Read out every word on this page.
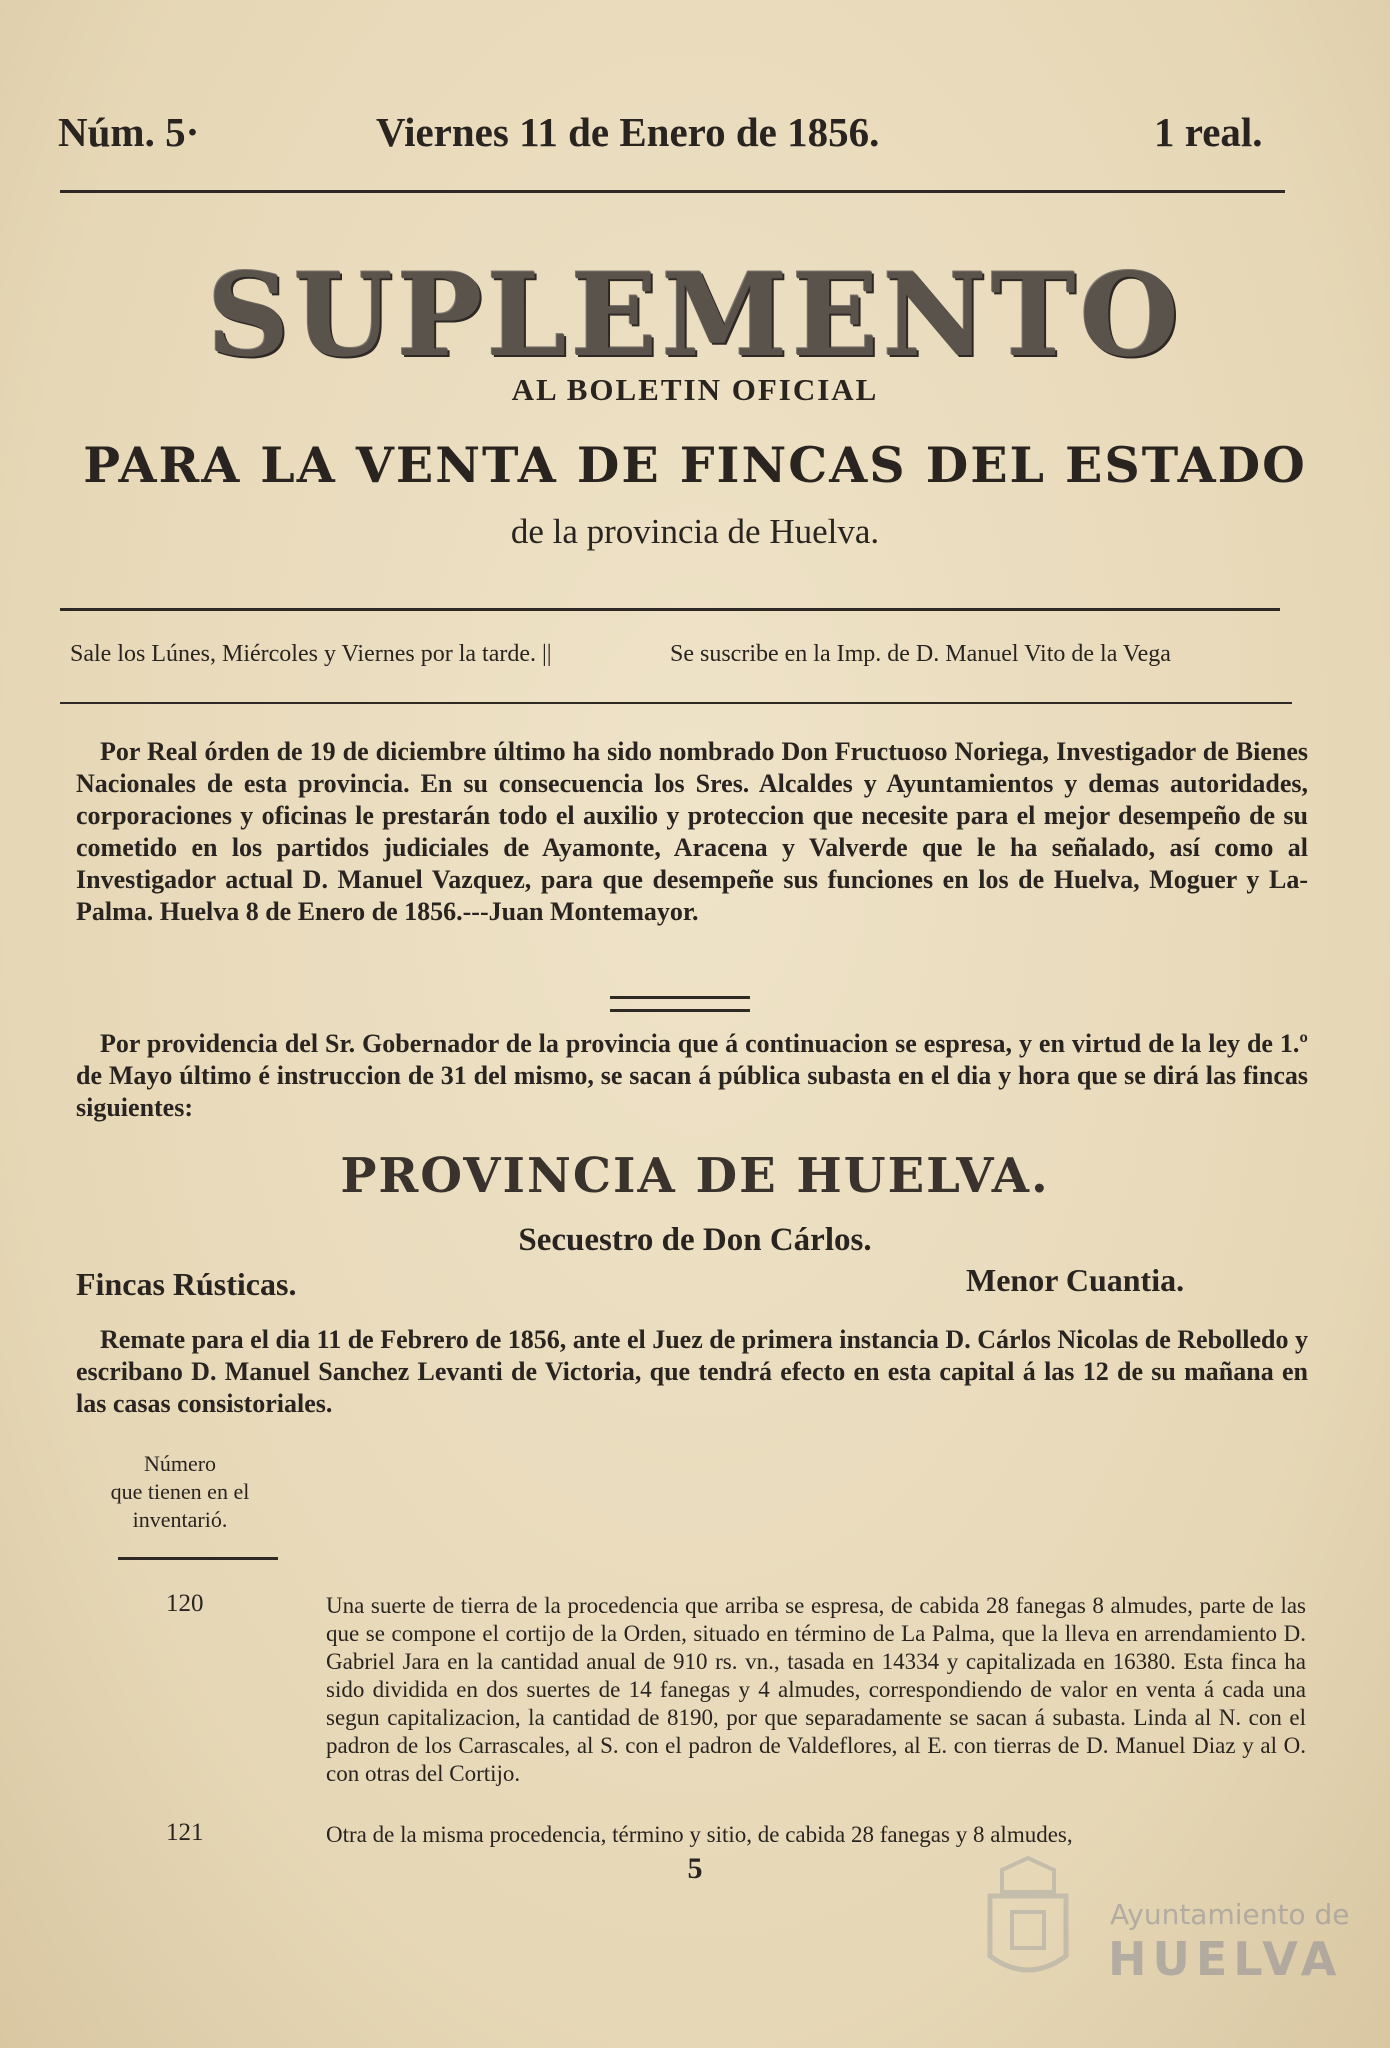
Núm. 5·	Viernes 11 de Enero de 1856.	1 real.
SUPLEMENTO
AL BOLETIN OFICIAL
PARA LA VENTA DE FINCAS DEL ESTADO
de la provincia de Huelva.
Sale los Lúnes, Miércoles y Viernes por la tarde. ||	Se suscribe en la Imp. de D. Manuel Vito de la Vega

Por Real órden de 19 de diciembre último ha sido nombrado Don Fructuoso Noriega, Investigador de Bienes Nacionales de esta provincia. En su consecuencia los Sres. Alcaldes y Ayuntamientos y demas autoridades, corporaciones y oficinas le prestarán todo el auxilio y proteccion que necesite para el mejor desempeño de su cometido en los partidos judiciales de Ayamonte, Aracena y Valverde que le ha señalado, así como al Investigador actual D. Manuel Vazquez, para que desempeñe sus funciones en los de Huelva, Moguer y La-Palma. Huelva 8 de Enero de 1856.---Juan Montemayor.

Por providencia del Sr. Gobernador de la provincia que á continuacion se espresa, y en virtud de la ley de 1.º de Mayo último é instruccion de 31 del mismo, se sacan á pública subasta en el dia y hora que se dirá las fincas siguientes:

PROVINCIA DE HUELVA.
Secuestro de Don Cárlos.
Fincas Rústicas.	Menor Cuantia.

Remate para el dia 11 de Febrero de 1856, ante el Juez de primera instancia D. Cárlos Nicolas de Rebolledo y escribano D. Manuel Sanchez Levanti de Victoria, que tendrá efecto en esta capital á las 12 de su mañana en las casas consistoriales.

Número
que tienen en el
inventarió.
120	Una suerte de tierra de la procedencia que arriba se espresa, de cabida 28 fanegas 8 almudes, parte de las que se compone el cortijo de la Orden, situado en término de La Palma, que la lleva en arrendamiento D. Gabriel Jara en la cantidad anual de 910 rs. vn., tasada en 14334 y capitalizada en 16380. Esta finca ha sido dividida en dos suertes de 14 fanegas y 4 almudes, correspondiendo de valor en venta á cada una segun capitalizacion, la cantidad de 8190, por que separadamente se sacan á subasta. Linda al N. con el padron de los Carrascales, al S. con el padron de Valdeflores, al E. con tierras de D. Manuel Diaz y al O. con otras del Cortijo.

121	Otra de la misma procedencia, término y sitio, de cabida 28 fanegas y 8 almudes,

5
Ayuntamiento de
HUELVA
